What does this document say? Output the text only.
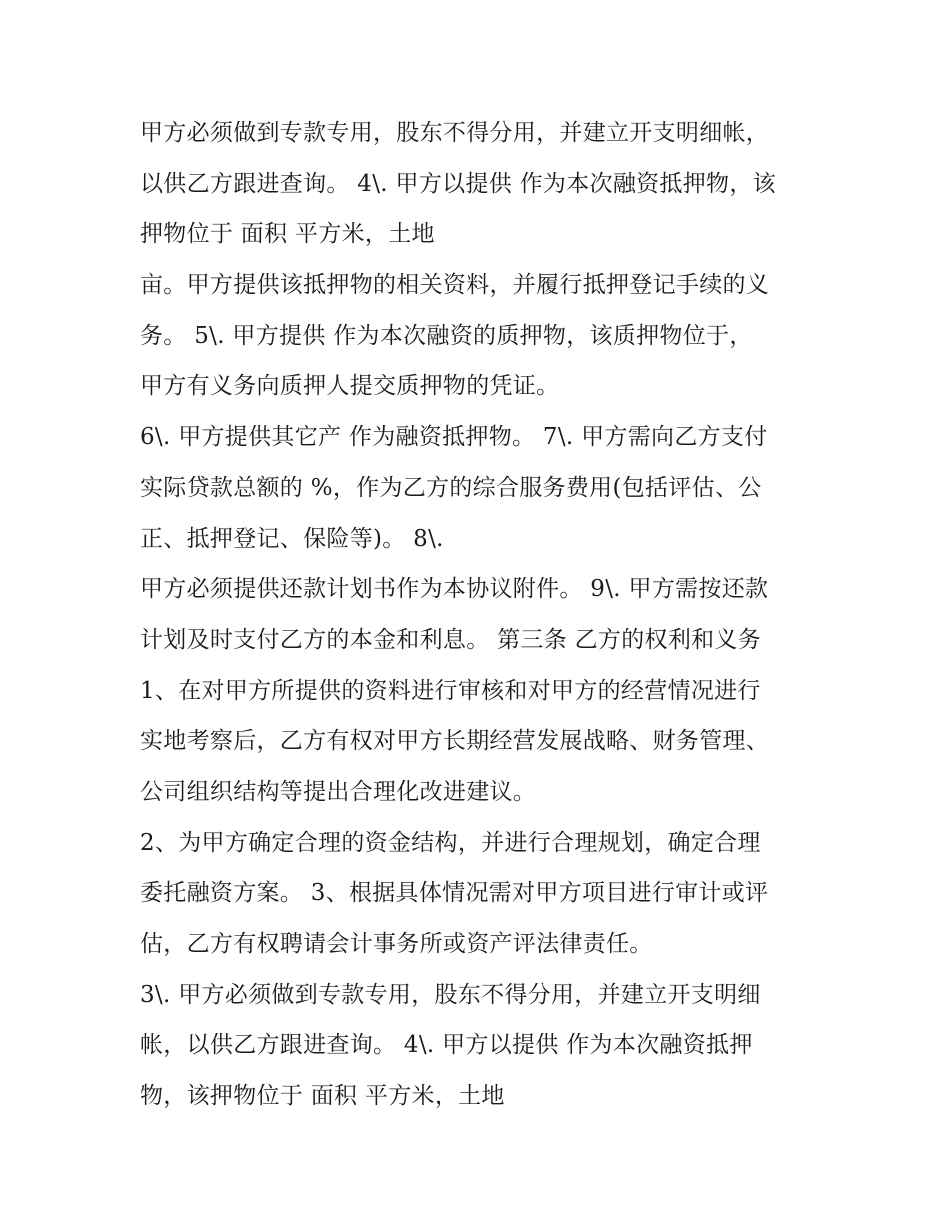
甲方必须做到专款专用，股东不得分用，并建立开支明细帐，
以供乙方跟进查询。 4\. 甲方以提供 作为本次融资抵押物，该
押物位于 面积 平方米，土地
亩。甲方提供该抵押物的相关资料，并履行抵押登记手续的义
务。 5\. 甲方提供 作为本次融资的质押物，该质押物位于，
甲方有义务向质押人提交质押物的凭证。
6\. 甲方提供其它产 作为融资抵押物。 7\. 甲方需向乙方支付
实际贷款总额的 %，作为乙方的综合服务费用(包括评估、公
正、抵押登记、保险等)。 8\.
甲方必须提供还款计划书作为本协议附件。 9\. 甲方需按还款
计划及时支付乙方的本金和利息。 第三条 乙方的权利和义务
1、在对甲方所提供的资料进行审核和对甲方的经营情况进行
实地考察后，乙方有权对甲方长期经营发展战略、财务管理、
公司组织结构等提出合理化改进建议。
2、为甲方确定合理的资金结构，并进行合理规划，确定合理
委托融资方案。 3、根据具体情况需对甲方项目进行审计或评
估，乙方有权聘请会计事务所或资产评法律责任。
3\. 甲方必须做到专款专用，股东不得分用，并建立开支明细
帐，以供乙方跟进查询。 4\. 甲方以提供 作为本次融资抵押
物，该押物位于 面积 平方米，土地
